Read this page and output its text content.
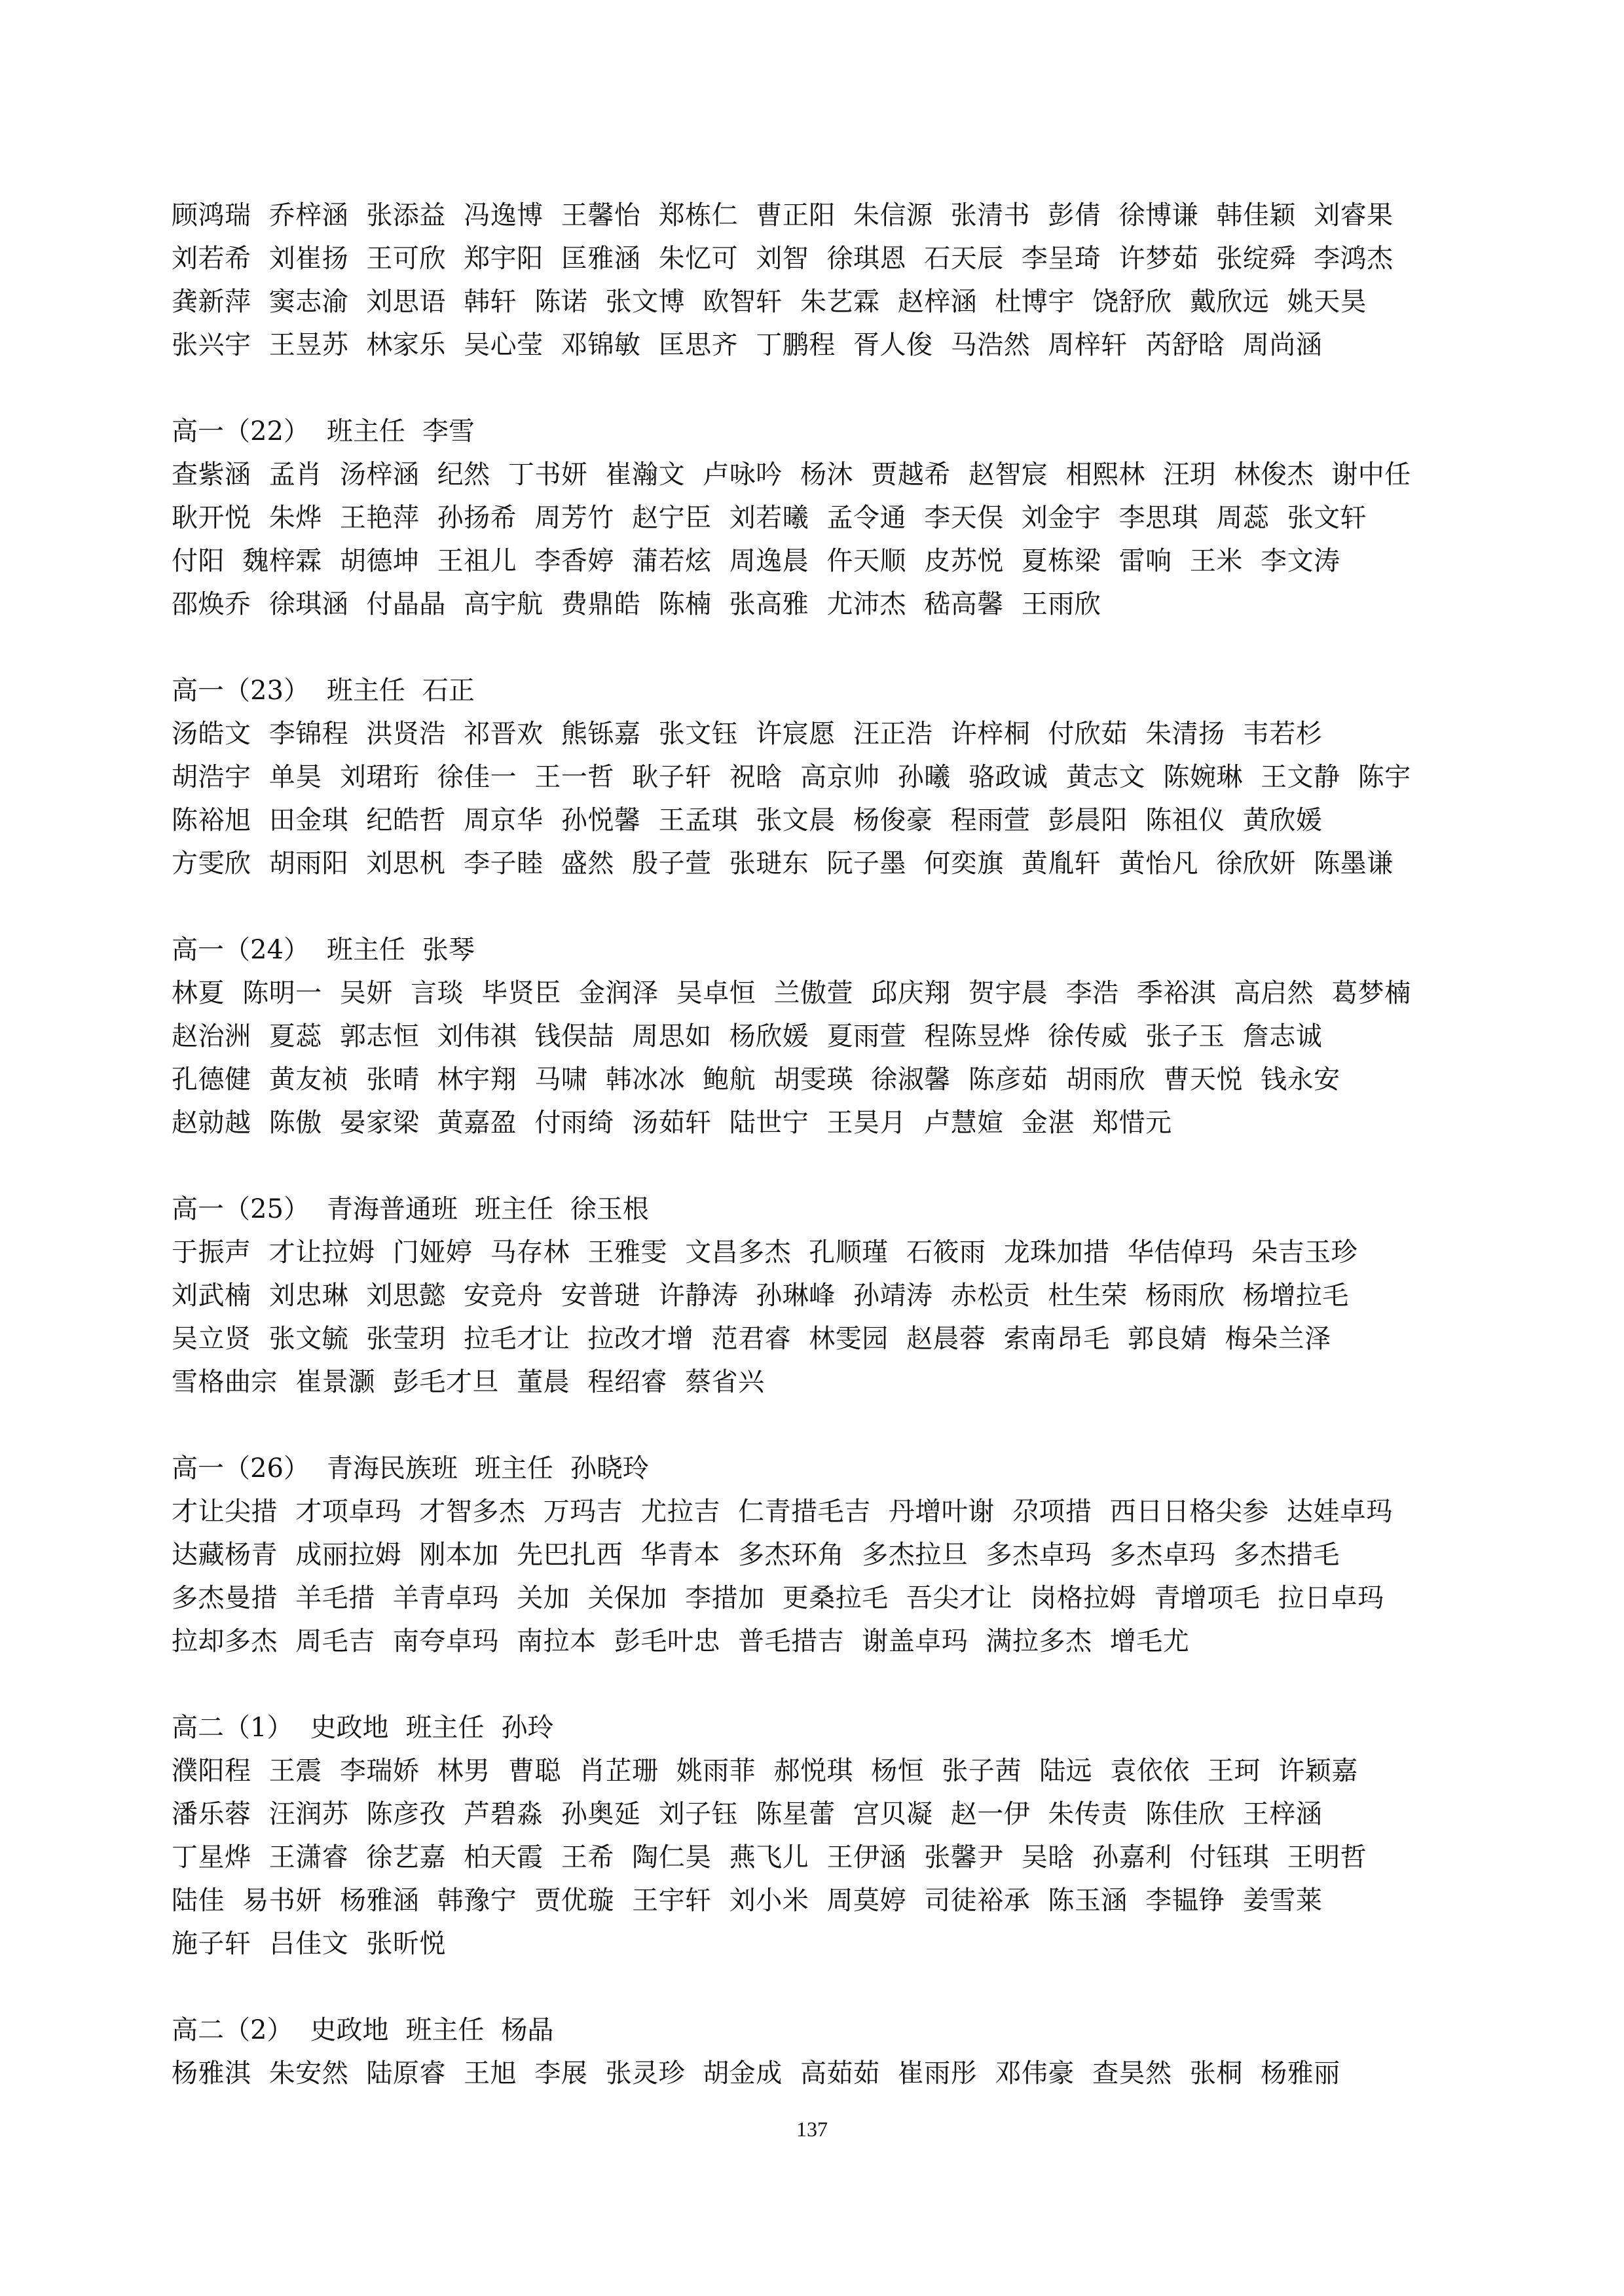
顾鸿瑞 乔梓涵 张添益 冯逸博 王馨怡 郑栋仁 曹正阳 朱信源 张清书 彭倩 徐博谦 韩佳颖 刘睿果
刘若希 刘崔扬 王可欣 郑宇阳 匡雅涵 朱忆可 刘智 徐琪恩 石天辰 李呈琦 许梦茹 张绽舜 李鸿杰
龚新萍 窦志渝 刘思语 韩轩 陈诺 张文博 欧智轩 朱艺霖 赵梓涵 杜博宇 饶舒欣 戴欣远 姚天昊
张兴宇 王昱苏 林家乐 吴心莹 邓锦敏 匡思齐 丁鹏程 胥人俊 马浩然 周梓轩 芮舒晗 周尚涵
高一（22） 班主任 李雪
查紫涵 孟肖 汤梓涵 纪然 丁书妍 崔瀚文 卢咏吟 杨沐 贾越希 赵智宸 相熙林 汪玥 林俊杰 谢中任
耿开悦 朱烨 王艳萍 孙扬希 周芳竹 赵宁臣 刘若曦 孟令通 李天俣 刘金宇 李思琪 周蕊 张文轩
付阳 魏梓霖 胡德坤 王祖儿 李香婷 蒲若炫 周逸晨 仵天顺 皮苏悦 夏栋梁 雷响 王米 李文涛
邵焕乔 徐琪涵 付晶晶 高宇航 费鼎皓 陈楠 张高雅 尤沛杰 嵇高馨 王雨欣
高一（23） 班主任 石正
汤皓文 李锦程 洪贤浩 祁晋欢 熊铄嘉 张文钰 许宸愿 汪正浩 许梓桐 付欣茹 朱清扬 韦若杉
胡浩宇 单昊 刘珺珩 徐佳一 王一哲 耿子轩 祝晗 高京帅 孙曦 骆政诚 黄志文 陈婉琳 王文静 陈宇
陈裕旭 田金琪 纪皓哲 周京华 孙悦馨 王孟琪 张文晨 杨俊豪 程雨萱 彭晨阳 陈祖仪 黄欣媛
方雯欣 胡雨阳 刘思杋 李子睦 盛然 殷子萱 张琎东 阮子墨 何奕旗 黄胤轩 黄怡凡 徐欣妍 陈墨谦
高一（24） 班主任 张琴
林夏 陈明一 吴妍 言琰 毕贤臣 金润泽 吴卓恒 兰傲萱 邱庆翔 贺宇晨 李浩 季裕淇 高启然 葛梦楠
赵治洲 夏蕊 郭志恒 刘伟祺 钱俣喆 周思如 杨欣媛 夏雨萱 程陈昱烨 徐传威 张子玉 詹志诚
孔德健 黄友祯 张晴 林宇翔 马啸 韩冰冰 鲍航 胡雯瑛 徐淑馨 陈彦茹 胡雨欣 曹天悦 钱永安
赵勍越 陈傲 晏家梁 黄嘉盈 付雨绮 汤茹轩 陆世宁 王昊月 卢慧媗 金湛 郑惜元
高一（25） 青海普通班 班主任 徐玉根
于振声 才让拉姆 门娅婷 马存林 王雅雯 文昌多杰 孔顺瑾 石筱雨 龙珠加措 华佶倬玛 朵吉玉珍
刘武楠 刘忠琳 刘思懿 安竞舟 安普琎 许静涛 孙琳峰 孙靖涛 赤松贡 杜生荣 杨雨欣 杨增拉毛
吴立贤 张文毓 张莹玥 拉毛才让 拉改才增 范君睿 林雯园 赵晨蓉 索南昂毛 郭良婧 梅朵兰泽
雪格曲宗 崔景灏 彭毛才旦 董晨 程绍睿 蔡省兴
高一（26） 青海民族班 班主任 孙晓玲
才让尖措 才项卓玛 才智多杰 万玛吉 尤拉吉 仁青措毛吉 丹增叶谢 尕项措 西日日格尖参 达娃卓玛
达藏杨青 成丽拉姆 刚本加 先巴扎西 华青本 多杰环角 多杰拉旦 多杰卓玛 多杰卓玛 多杰措毛
多杰曼措 羊毛措 羊青卓玛 关加 关保加 李措加 更桑拉毛 吾尖才让 岗格拉姆 青增项毛 拉日卓玛
拉却多杰 周毛吉 南夸卓玛 南拉本 彭毛叶忠 普毛措吉 谢盖卓玛 满拉多杰 增毛尤
高二（1） 史政地 班主任 孙玲
濮阳程 王震 李瑞娇 林男 曹聪 肖芷珊 姚雨菲 郝悦琪 杨恒 张子茜 陆远 袁依依 王珂 许颖嘉
潘乐蓉 汪润苏 陈彦孜 芦碧淼 孙奥延 刘子钰 陈星蕾 宫贝凝 赵一伊 朱传责 陈佳欣 王梓涵
丁星烨 王潇睿 徐艺嘉 柏天霞 王希 陶仁昊 燕飞儿 王伊涵 张馨尹 吴晗 孙嘉利 付钰琪 王明哲
陆佳 易书妍 杨雅涵 韩豫宁 贾优璇 王宇轩 刘小米 周莫婷 司徒裕承 陈玉涵 李韫铮 姜雪莱
施子轩 吕佳文 张昕悦
高二（2） 史政地 班主任 杨晶
杨雅淇 朱安然 陆原睿 王旭 李展 张灵珍 胡金成 高茹茹 崔雨彤 邓伟豪 查昊然 张桐 杨雅丽
137
